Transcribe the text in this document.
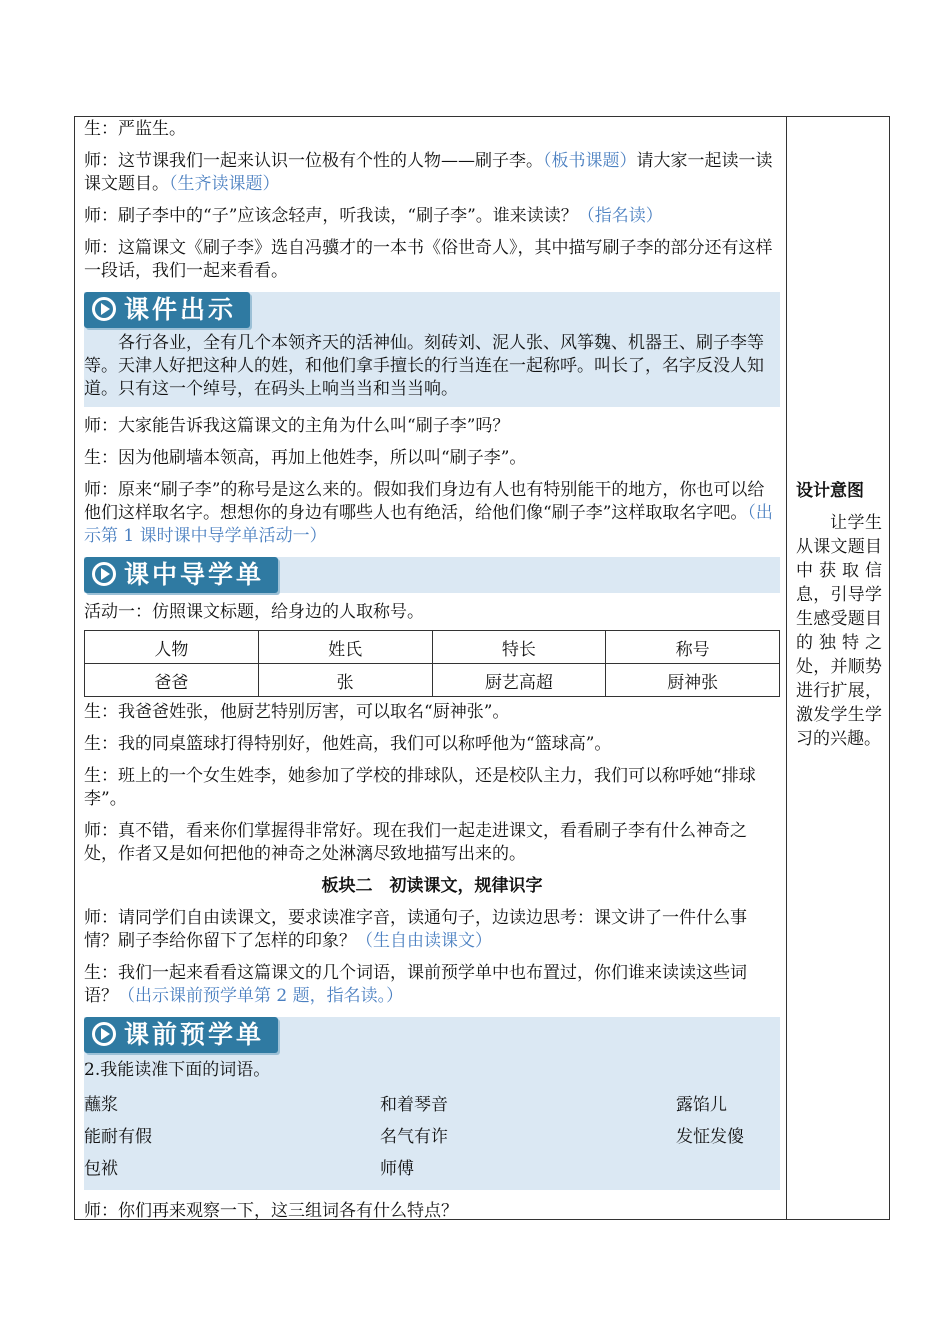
生：严监生。

师：这节课我们一起来认识一位极有个性的人物——刷子李。（板书课题）请大家一起读一读课文题目。（生齐读课题）

师：刷子李中的“子”应该念轻声，听我读，“刷子李”。谁来读读？（指名读）

师：这篇课文《刷子李》选自冯骥才的一本书《俗世奇人》，其中描写刷子李的部分还有这样一段话，我们一起来看看。

课件出示
各行各业，全有几个本领齐天的活神仙。刻砖刘、泥人张、风筝魏、机器王、刷子李等等。天津人好把这种人的姓，和他们拿手擅长的行当连在一起称呼。叫长了，名字反没人知道。只有这一个绰号，在码头上响当当和当当响。

师：大家能告诉我这篇课文的主角为什么叫“刷子李”吗？

生：因为他刷墙本领高，再加上他姓李，所以叫“刷子李”。

师：原来“刷子李”的称号是这么来的。假如我们身边有人也有特别能干的地方，你也可以给他们这样取名字。想想你的身边有哪些人也有绝活，给他们像“刷子李”这样取取名字吧。（出示第 1 课时课中导学单活动一）

课中导学单

活动一：仿照课文标题，给身边的人取称号。

人物	姓氏	特长	称号
爸爸	张	厨艺高超	厨神张

生：我爸爸姓张，他厨艺特别厉害，可以取名“厨神张”。

生：我的同桌篮球打得特别好，他姓高，我们可以称呼他为“篮球高”。

生：班上的一个女生姓李，她参加了学校的排球队，还是校队主力，我们可以称呼她“排球李”。

师：真不错，看来你们掌握得非常好。现在我们一起走进课文，看看刷子李有什么神奇之处，作者又是如何把他的神奇之处淋漓尽致地描写出来的。

板块二　初读课文，规律识字

师：请同学们自由读课文，要求读准字音，读通句子，边读边思考：课文讲了一件什么事情？刷子李给你留下了怎样的印象？（生自由读课文）

生：我们一起来看看这篇课文的几个词语，课前预学单中也布置过，你们谁来读读这些词语？（出示课前预学单第 2 题，指名读。）

课前预学单
2.我能读准下面的词语。
蘸浆	和着琴音	露馅儿
能耐有假	名气有诈	发怔发傻
包袱	师傅

师：你们再来观察一下，这三组词各有什么特点？

设计意图
让学生从课文题目中获取信息，引导学生感受题目的独特之处，并顺势进行扩展，激发学生学习的兴趣。
